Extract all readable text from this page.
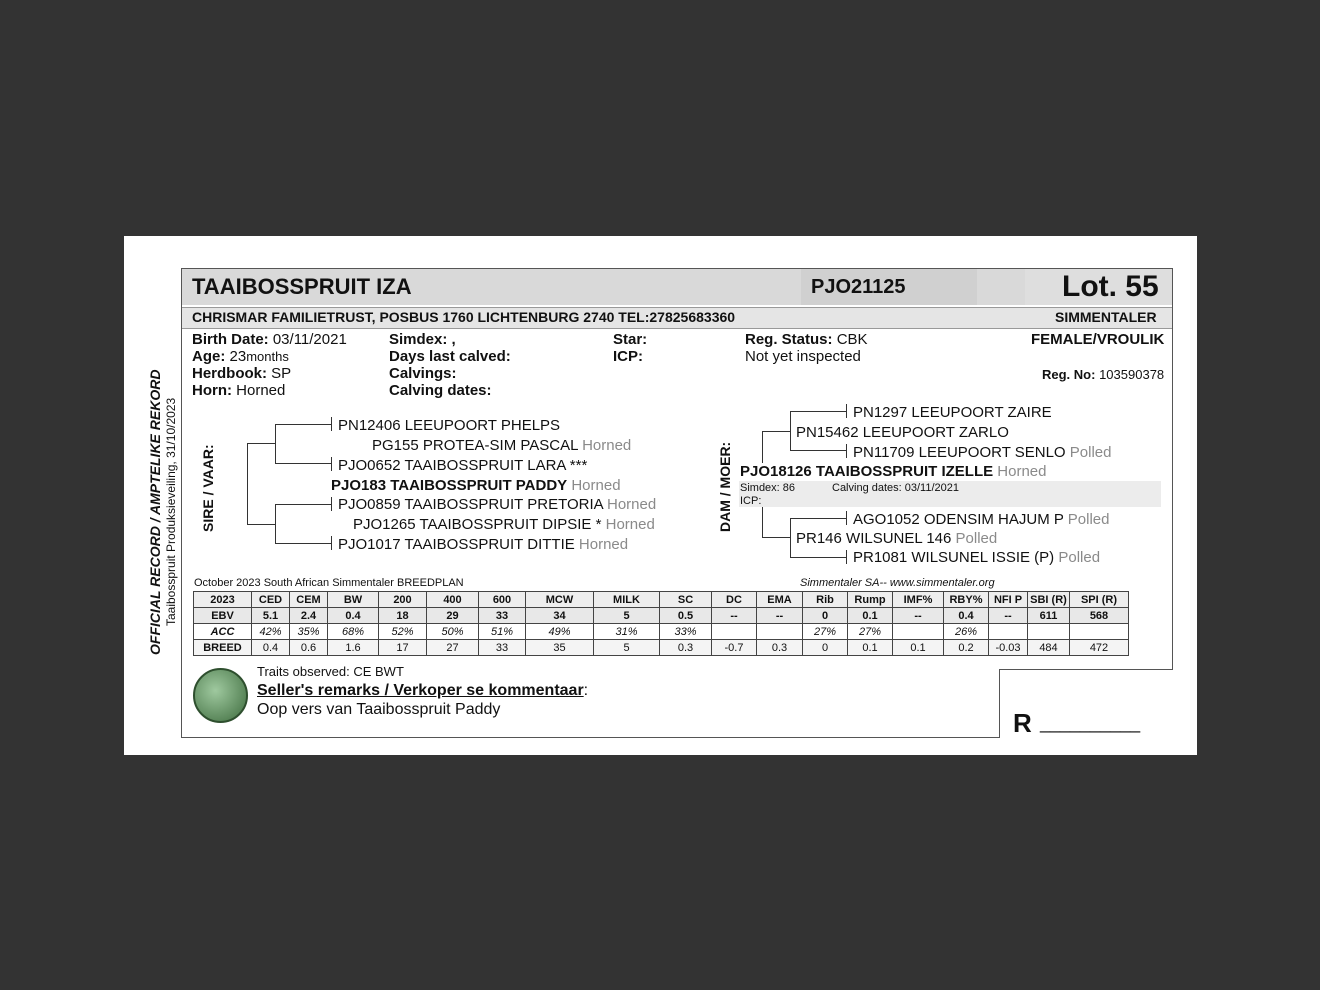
OFFICIAL RECORD / AMPTELIKE REKORD Taaibosspruit Produksieveiling, 31/10/2023
TAAIBOSSPRUIT IZA	PJO21125	Lot. 55
CHRISMAR FAMILIETRUST, POSBUS 1760 LICHTENBURG 2740 TEL:27825683360	SIMMENTALER
Birth Date: 03/11/2021
Age: 23months
Herdbook: SP
Horn: Horned
Simdex: ,
Days last calved:
Calvings:
Calving dates:
Star:
ICP:
Reg. Status: CBK
Not yet inspected
FEMALE/VROULIK
Reg. No: 103590378
SIRE / VAAR:
PN12406 LEEUPOORT PHELPS
PG155 PROTEA-SIM PASCAL Horned
PJO0652 TAAIBOSSPRUIT LARA ***
PJO183 TAAIBOSSPRUIT PADDY Horned
PJO0859 TAAIBOSSPRUIT PRETORIA Horned
PJO1265 TAAIBOSSPRUIT DIPSIE * Horned
PJO1017 TAAIBOSSPRUIT DITTIE Horned
DAM / MOER:
PN1297 LEEUPOORT ZAIRE
PN15462 LEEUPOORT ZARLO
PN11709 LEEUPOORT SENLO Polled
PJO18126 TAAIBOSSPRUIT IZELLE Horned
Simdex: 86	Calving dates: 03/11/2021
ICP:
AGO1052 ODENSIM HAJUM P Polled
PR146 WILSUNEL 146 Polled
PR1081 WILSUNEL ISSIE (P) Polled
October 2023 South African Simmentaler BREEDPLAN	Simmentaler SA-- www.simmentaler.org
2023	CED	CEM	BW	200	400	600	MCW	MILK	SC	DC	EMA	Rib	Rump	IMF%	RBY%	NFI P	SBI (R)	SPI (R)
EBV	5.1	2.4	0.4	18	29	33	34	5	0.5	--	--	0	0.1	--	0.4	--	611	568
ACC	42%	35%	68%	52%	50%	51%	49%	31%	33%			27%	27%		26%			
BREED	0.4	0.6	1.6	17	27	33	35	5	0.3	-0.7	0.3	0	0.1	0.1	0.2	-0.03	484	472
Traits observed: CE BWT
Seller's remarks / Verkoper se kommentaar:
Oop vers van Taaibosspruit Paddy	R __________
